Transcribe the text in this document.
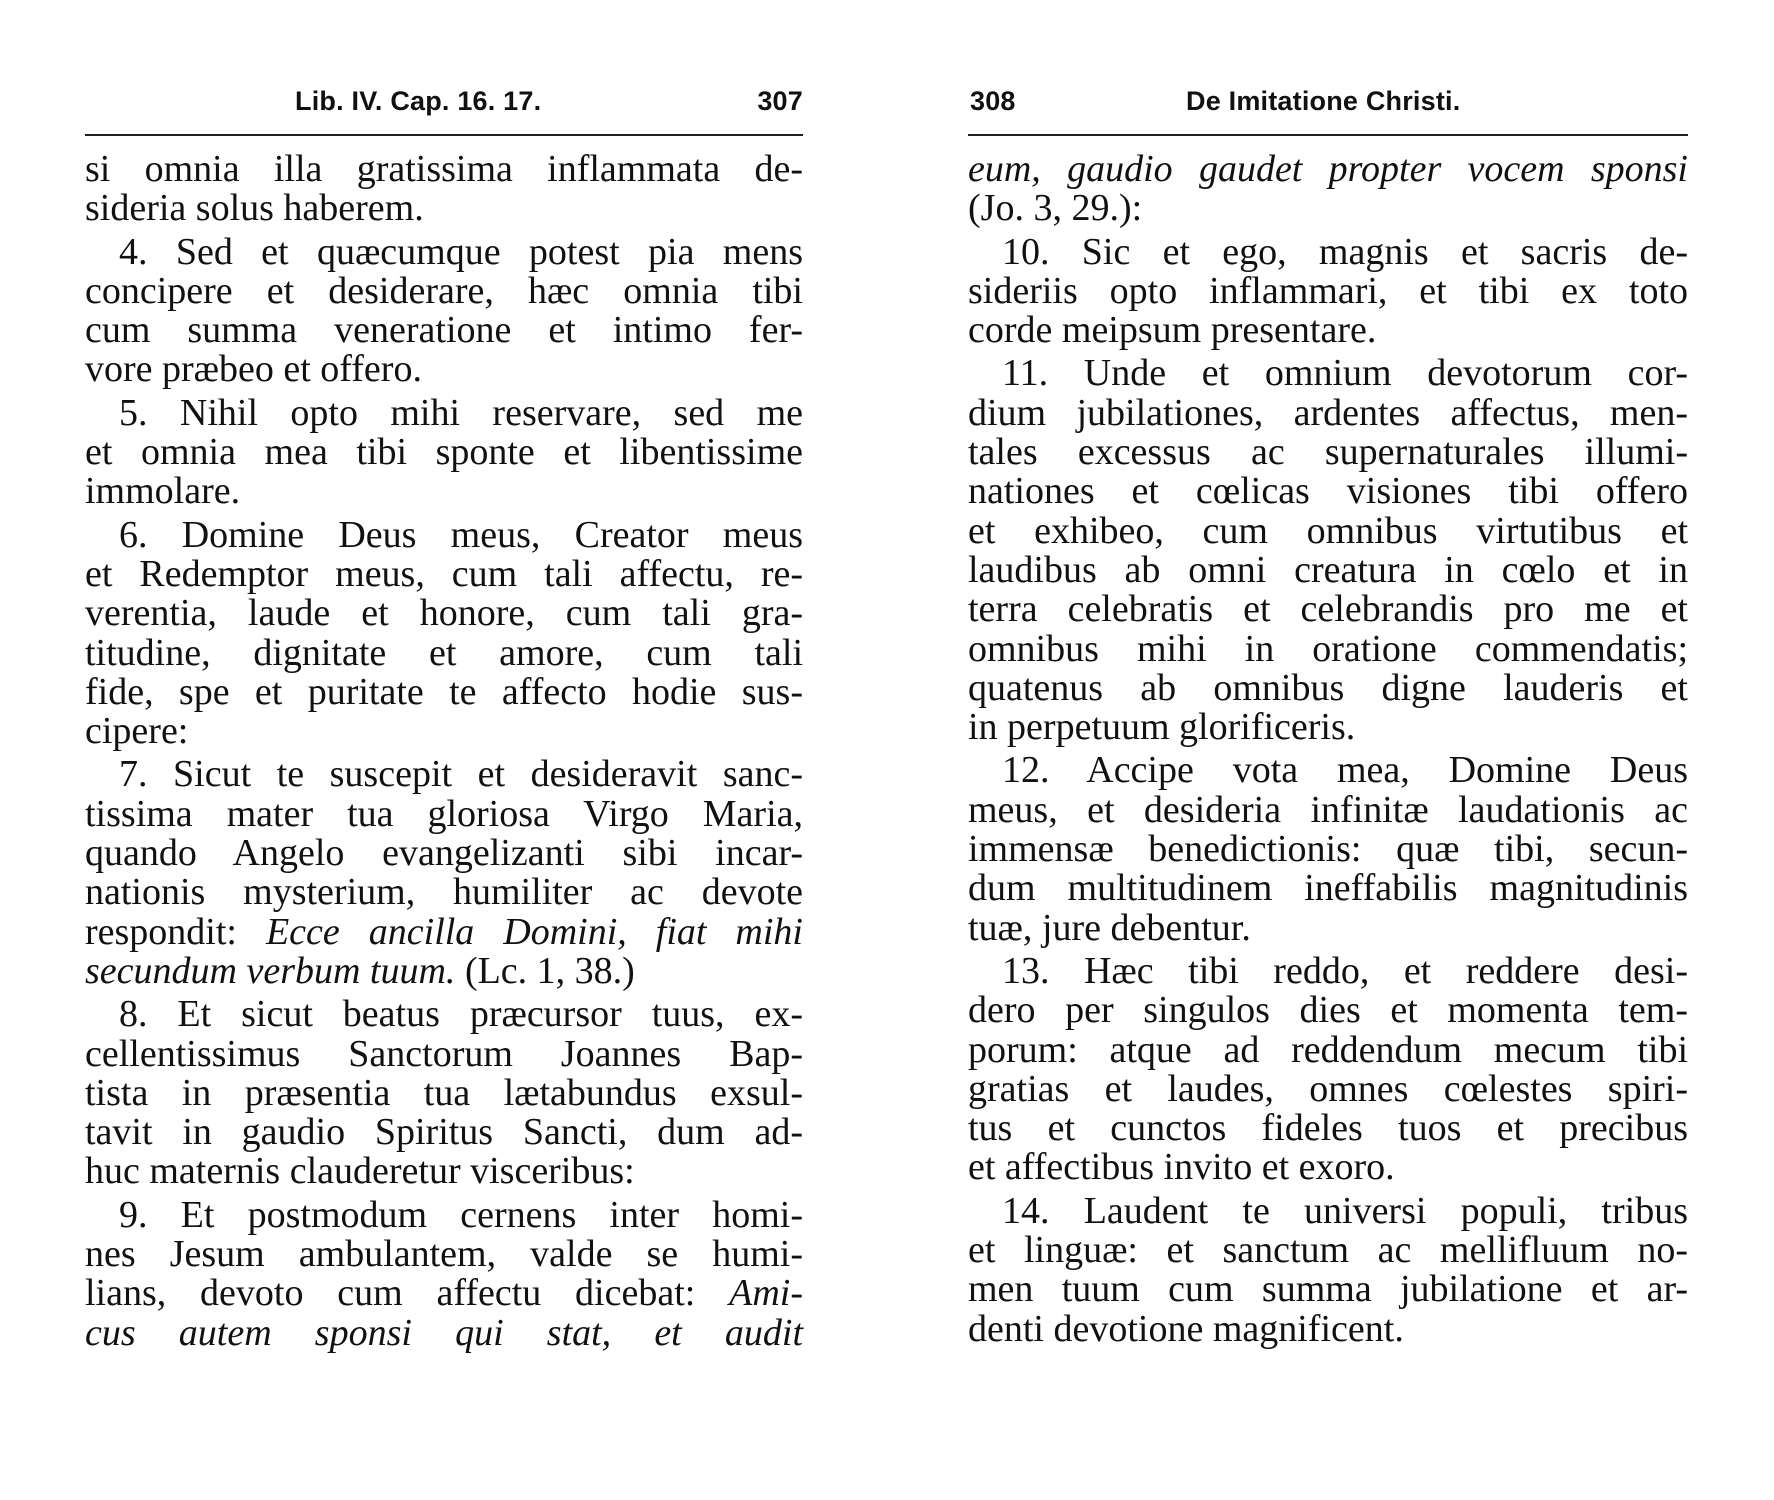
Lib. IV. Cap. 16. 17.	307

si omnia illa gratissima inflammata de-
sideria solus haberem.

4. Sed et quæcumque potest pia mens
concipere et desiderare, hæc omnia tibi
cum summa veneratione et intimo fer-
vore præbeo et offero.

5. Nihil opto mihi reservare, sed me
et omnia mea tibi sponte et libentissime
immolare.

6. Domine Deus meus, Creator meus
et Redemptor meus, cum tali affectu, re-
verentia, laude et honore, cum tali gra-
titudine, dignitate et amore, cum tali
fide, spe et puritate te affecto hodie sus-
cipere:

7. Sicut te suscepit et desideravit sanc-
tissima mater tua gloriosa Virgo Maria,
quando Angelo evangelizanti sibi incar-
nationis mysterium, humiliter ac devote
respondit: Ecce ancilla Domini, fiat mihi
secundum verbum tuum. (Lc. 1, 38.)

8. Et sicut beatus præcursor tuus, ex-
cellentissimus Sanctorum Joannes Bap-
tista in præsentia tua lætabundus exsul-
tavit in gaudio Spiritus Sancti, dum ad-
huc maternis clauderetur visceribus:

9. Et postmodum cernens inter homi-
nes Jesum ambulantem, valde se humi-
lians, devoto cum affectu dicebat: Ami-
cus autem sponsi qui stat, et audit

308	De Imitatione Christi.

eum, gaudio gaudet propter vocem sponsi
(Jo. 3, 29.):

10. Sic et ego, magnis et sacris de-
sideriis opto inflammari, et tibi ex toto
corde meipsum presentare.

11. Unde et omnium devotorum cor-
dium jubilationes, ardentes affectus, men-
tales excessus ac supernaturales illumi-
nationes et cœlicas visiones tibi offero
et exhibeo, cum omnibus virtutibus et
laudibus ab omni creatura in cœlo et in
terra celebratis et celebrandis pro me et
omnibus mihi in oratione commendatis;
quatenus ab omnibus digne lauderis et
in perpetuum glorificeris.

12. Accipe vota mea, Domine Deus
meus, et desideria infinitæ laudationis ac
immensæ benedictionis: quæ tibi, secun-
dum multitudinem ineffabilis magnitudinis
tuæ, jure debentur.

13. Hæc tibi reddo, et reddere desi-
dero per singulos dies et momenta tem-
porum: atque ad reddendum mecum tibi
gratias et laudes, omnes cœlestes spiri-
tus et cunctos fideles tuos et precibus
et affectibus invito et exoro.

14. Laudent te universi populi, tribus
et linguæ: et sanctum ac mellifluum no-
men tuum cum summa jubilatione et ar-
denti devotione magnificent.
